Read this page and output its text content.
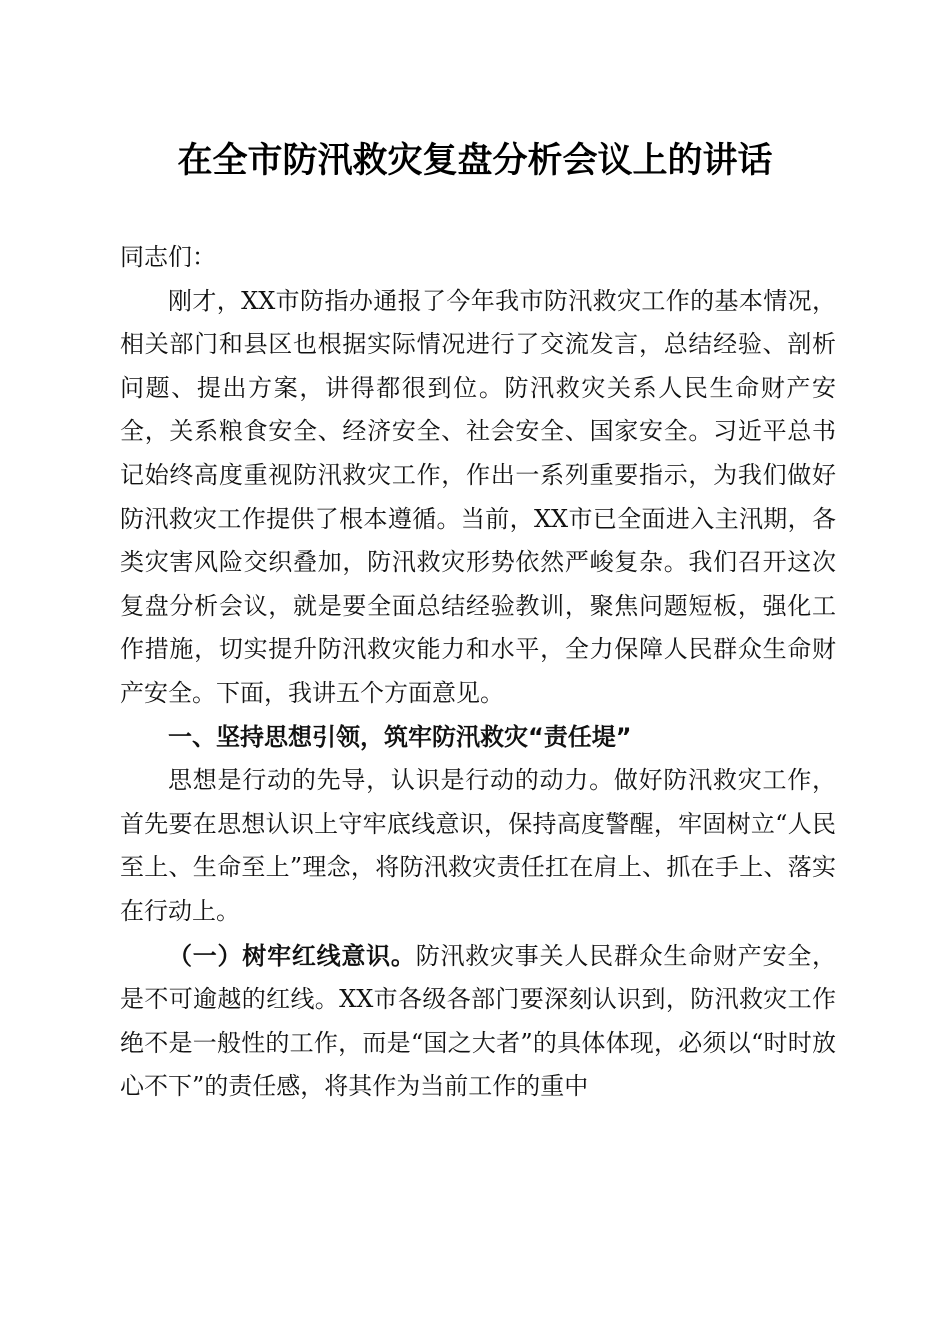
在全市防汛救灾复盘分析会议上的讲话

同志们：

刚才，XX市防指办通报了今年我市防汛救灾工作的基本情况，相关部门和县区也根据实际情况进行了交流发言，总结经验、剖析问题、提出方案，讲得都很到位。防汛救灾关系人民生命财产安全，关系粮食安全、经济安全、社会安全、国家安全。习近平总书记始终高度重视防汛救灾工作，作出一系列重要指示，为我们做好防汛救灾工作提供了根本遵循。当前，XX市已全面进入主汛期，各类灾害风险交织叠加，防汛救灾形势依然严峻复杂。我们召开这次复盘分析会议，就是要全面总结经验教训，聚焦问题短板，强化工作措施，切实提升防汛救灾能力和水平，全力保障人民群众生命财产安全。下面，我讲五个方面意见。

一、坚持思想引领，筑牢防汛救灾“责任堤”

思想是行动的先导，认识是行动的动力。做好防汛救灾工作，首先要在思想认识上守牢底线意识，保持高度警醒，牢固树立“人民至上、生命至上”理念，将防汛救灾责任扛在肩上、抓在手上、落实在行动上。

（一）树牢红线意识。防汛救灾事关人民群众生命财产安全，是不可逾越的红线。XX市各级各部门要深刻认识到，防汛救灾工作绝不是一般性的工作，而是“国之大者”的具体体现，必须以“时时放心不下”的责任感，将其作为当前工作的重中
